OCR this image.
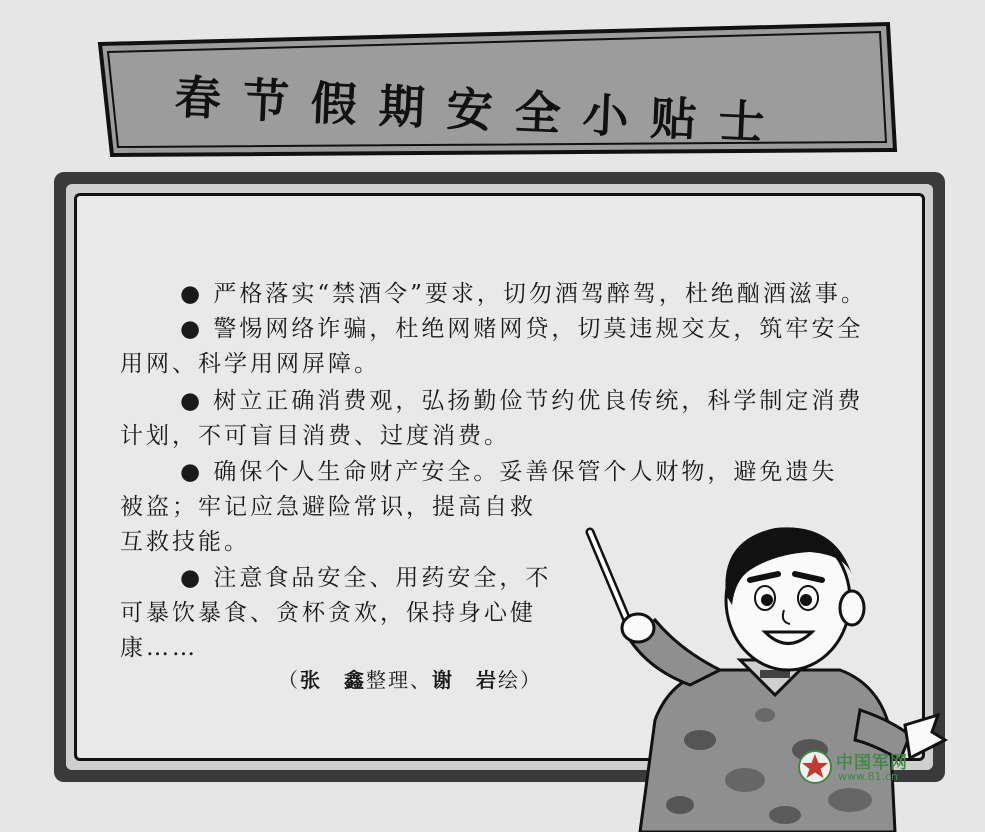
春节假期安全小贴士
● 严格落实“禁酒令”要求，切勿酒驾醉驾，杜绝酗酒滋事。
● 警惕网络诈骗，杜绝网赌网贷，切莫违规交友，筑牢安全
用网、科学用网屏障。
● 树立正确消费观，弘扬勤俭节约优良传统，科学制定消费
计划，不可盲目消费、过度消费。
● 确保个人生命财产安全。妥善保管个人财物，避免遗失
被盗；牢记应急避险常识，提高自救
互救技能。
● 注意食品安全、用药安全，不
可暴饮暴食、贪杯贪欢，保持身心健
康……
（张　鑫整理、谢　岩绘）
中国军网
www.81.cn
